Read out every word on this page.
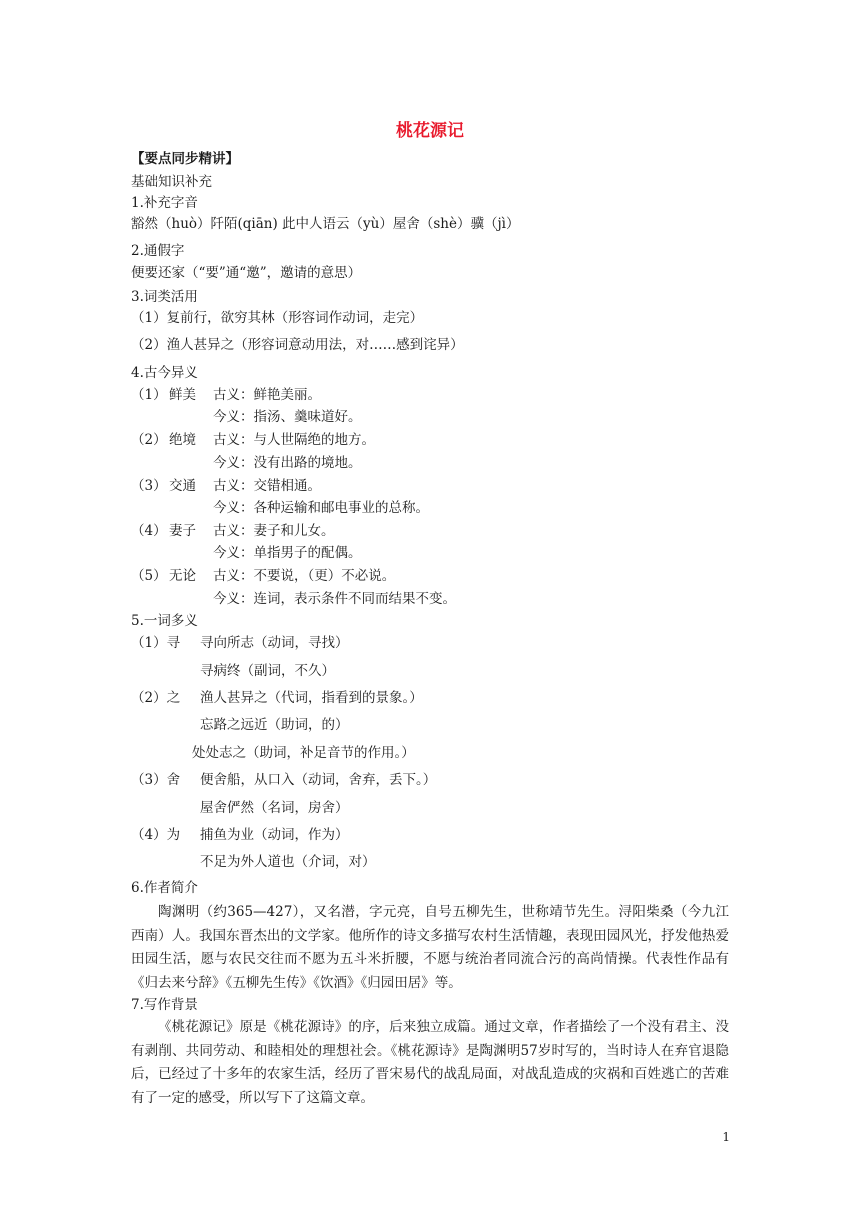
桃花源记
【要点同步精讲】
基础知识补充
1.补充字音
豁然（huò）阡陌(qiān) 此中人语云（yù）屋舍（shè）骥（jì）
2.通假字
便要还家（“要”通“邀”，邀请的意思）
3.词类活用
（1）复前行，欲穷其林（形容词作动词，走完）
（2）渔人甚异之（形容词意动用法，对……感到诧异）
4.古今异义
（1） 鲜美 古义：鲜艳美丽。
今义：指汤、羹味道好。
（2） 绝境 古义：与人世隔绝的地方。
今义：没有出路的境地。
（3） 交通 古义：交错相通。
今义：各种运输和邮电事业的总称。
（4） 妻子 古义：妻子和儿女。
今义：单指男子的配偶。
（5） 无论 古义：不要说，（更）不必说。
今义：连词，表示条件不同而结果不变。
5.一词多义
（1）寻 寻向所志（动词，寻找）
寻病终（副词，不久）
（2）之 渔人甚异之（代词，指看到的景象。）
忘路之远近（助词，的）
处处志之（助词，补足音节的作用。）
（3）舍 便舍船，从口入（动词，舍弃，丢下。）
屋舍俨然（名词，房舍）
（4）为 捕鱼为业（动词，作为）
不足为外人道也（介词，对）
6.作者简介
陶渊明（约365—427），又名潜，字元亮，自号五柳先生，世称靖节先生。浔阳柴桑（今九江西南）人。我国东晋杰出的文学家。他所作的诗文多描写农村生活情趣，表现田园风光，抒发他热爱田园生活，愿与农民交往而不愿为五斗米折腰，不愿与统治者同流合污的高尚情操。代表性作品有《归去来兮辞》《五柳先生传》《饮酒》《归园田居》等。
7.写作背景
《桃花源记》原是《桃花源诗》的序，后来独立成篇。通过文章，作者描绘了一个没有君主、没有剥削、共同劳动、和睦相处的理想社会。《桃花源诗》是陶渊明57岁时写的，当时诗人在弃官退隐后，已经过了十多年的农家生活，经历了晋宋易代的战乱局面，对战乱造成的灾祸和百姓逃亡的苦难有了一定的感受，所以写下了这篇文章。
1
